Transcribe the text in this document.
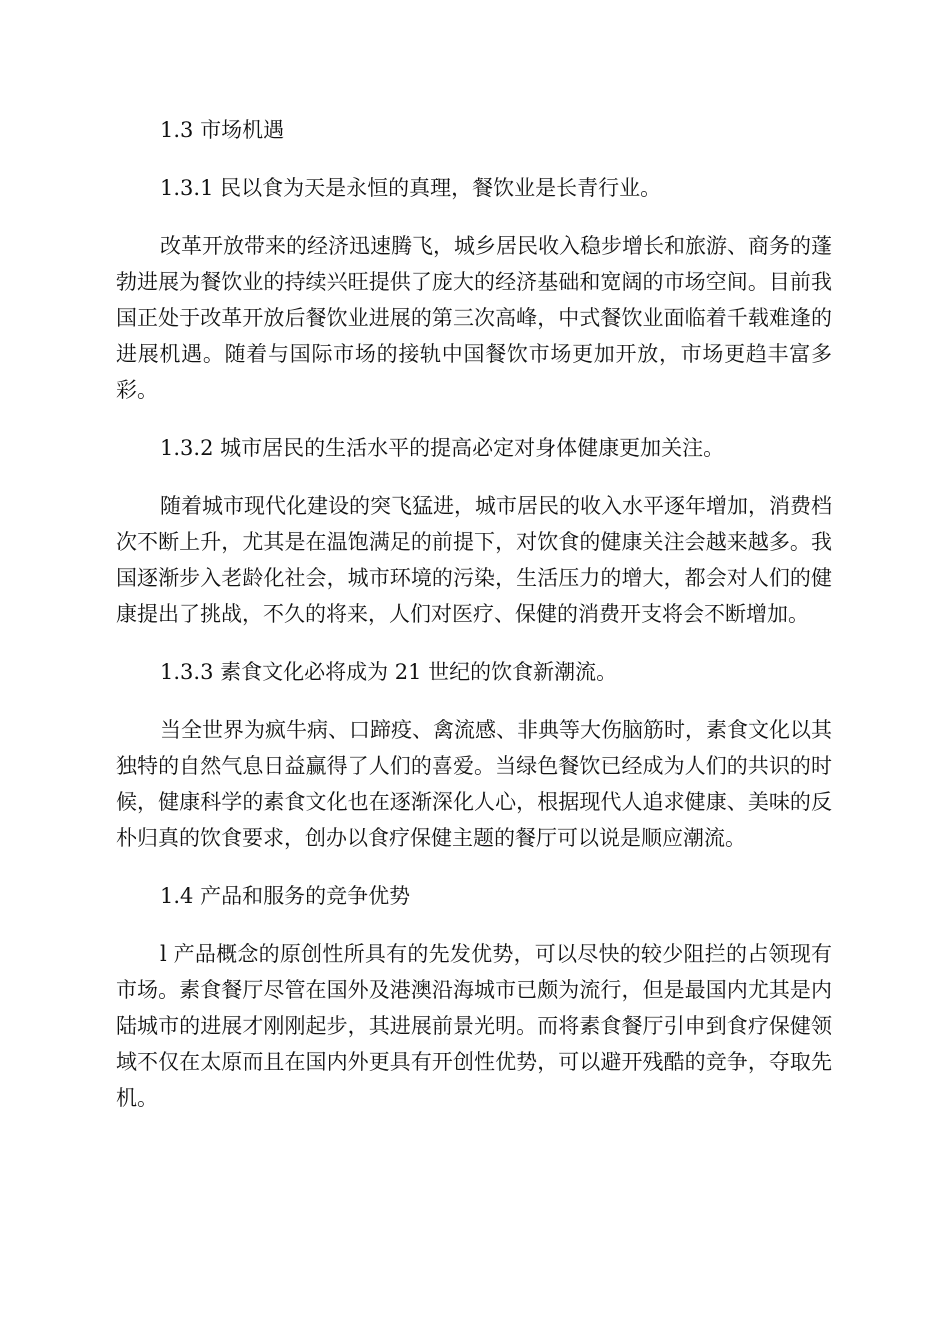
1.3 市场机遇

1.3.1 民以食为天是永恒的真理，餐饮业是长青行业。

改革开放带来的经济迅速腾飞，城乡居民收入稳步增长和旅游、商务的蓬勃进展为餐饮业的持续兴旺提供了庞大的经济基础和宽阔的市场空间。目前我国正处于改革开放后餐饮业进展的第三次高峰，中式餐饮业面临着千载难逢的进展机遇。随着与国际市场的接轨中国餐饮市场更加开放，市场更趋丰富多彩。

1.3.2 城市居民的生活水平的提高必定对身体健康更加关注。

随着城市现代化建设的突飞猛进，城市居民的收入水平逐年增加，消费档次不断上升，尤其是在温饱满足的前提下，对饮食的健康关注会越来越多。我国逐渐步入老龄化社会，城市环境的污染，生活压力的增大，都会对人们的健康提出了挑战，不久的将来，人们对医疗、保健的消费开支将会不断增加。

1.3.3 素食文化必将成为 21 世纪的饮食新潮流。

当全世界为疯牛病、口蹄疫、禽流感、非典等大伤脑筋时，素食文化以其独特的自然气息日益赢得了人们的喜爱。当绿色餐饮已经成为人们的共识的时候，健康科学的素食文化也在逐渐深化人心，根据现代人追求健康、美味的反朴归真的饮食要求，创办以食疗保健主题的餐厅可以说是顺应潮流。

1.4 产品和服务的竞争优势

l 产品概念的原创性所具有的先发优势，可以尽快的较少阻拦的占领现有市场。素食餐厅尽管在国外及港澳沿海城市已颇为流行，但是最国内尤其是内陆城市的进展才刚刚起步，其进展前景光明。而将素食餐厅引申到食疗保健领域不仅在太原而且在国内外更具有开创性优势，可以避开残酷的竞争，夺取先机。
